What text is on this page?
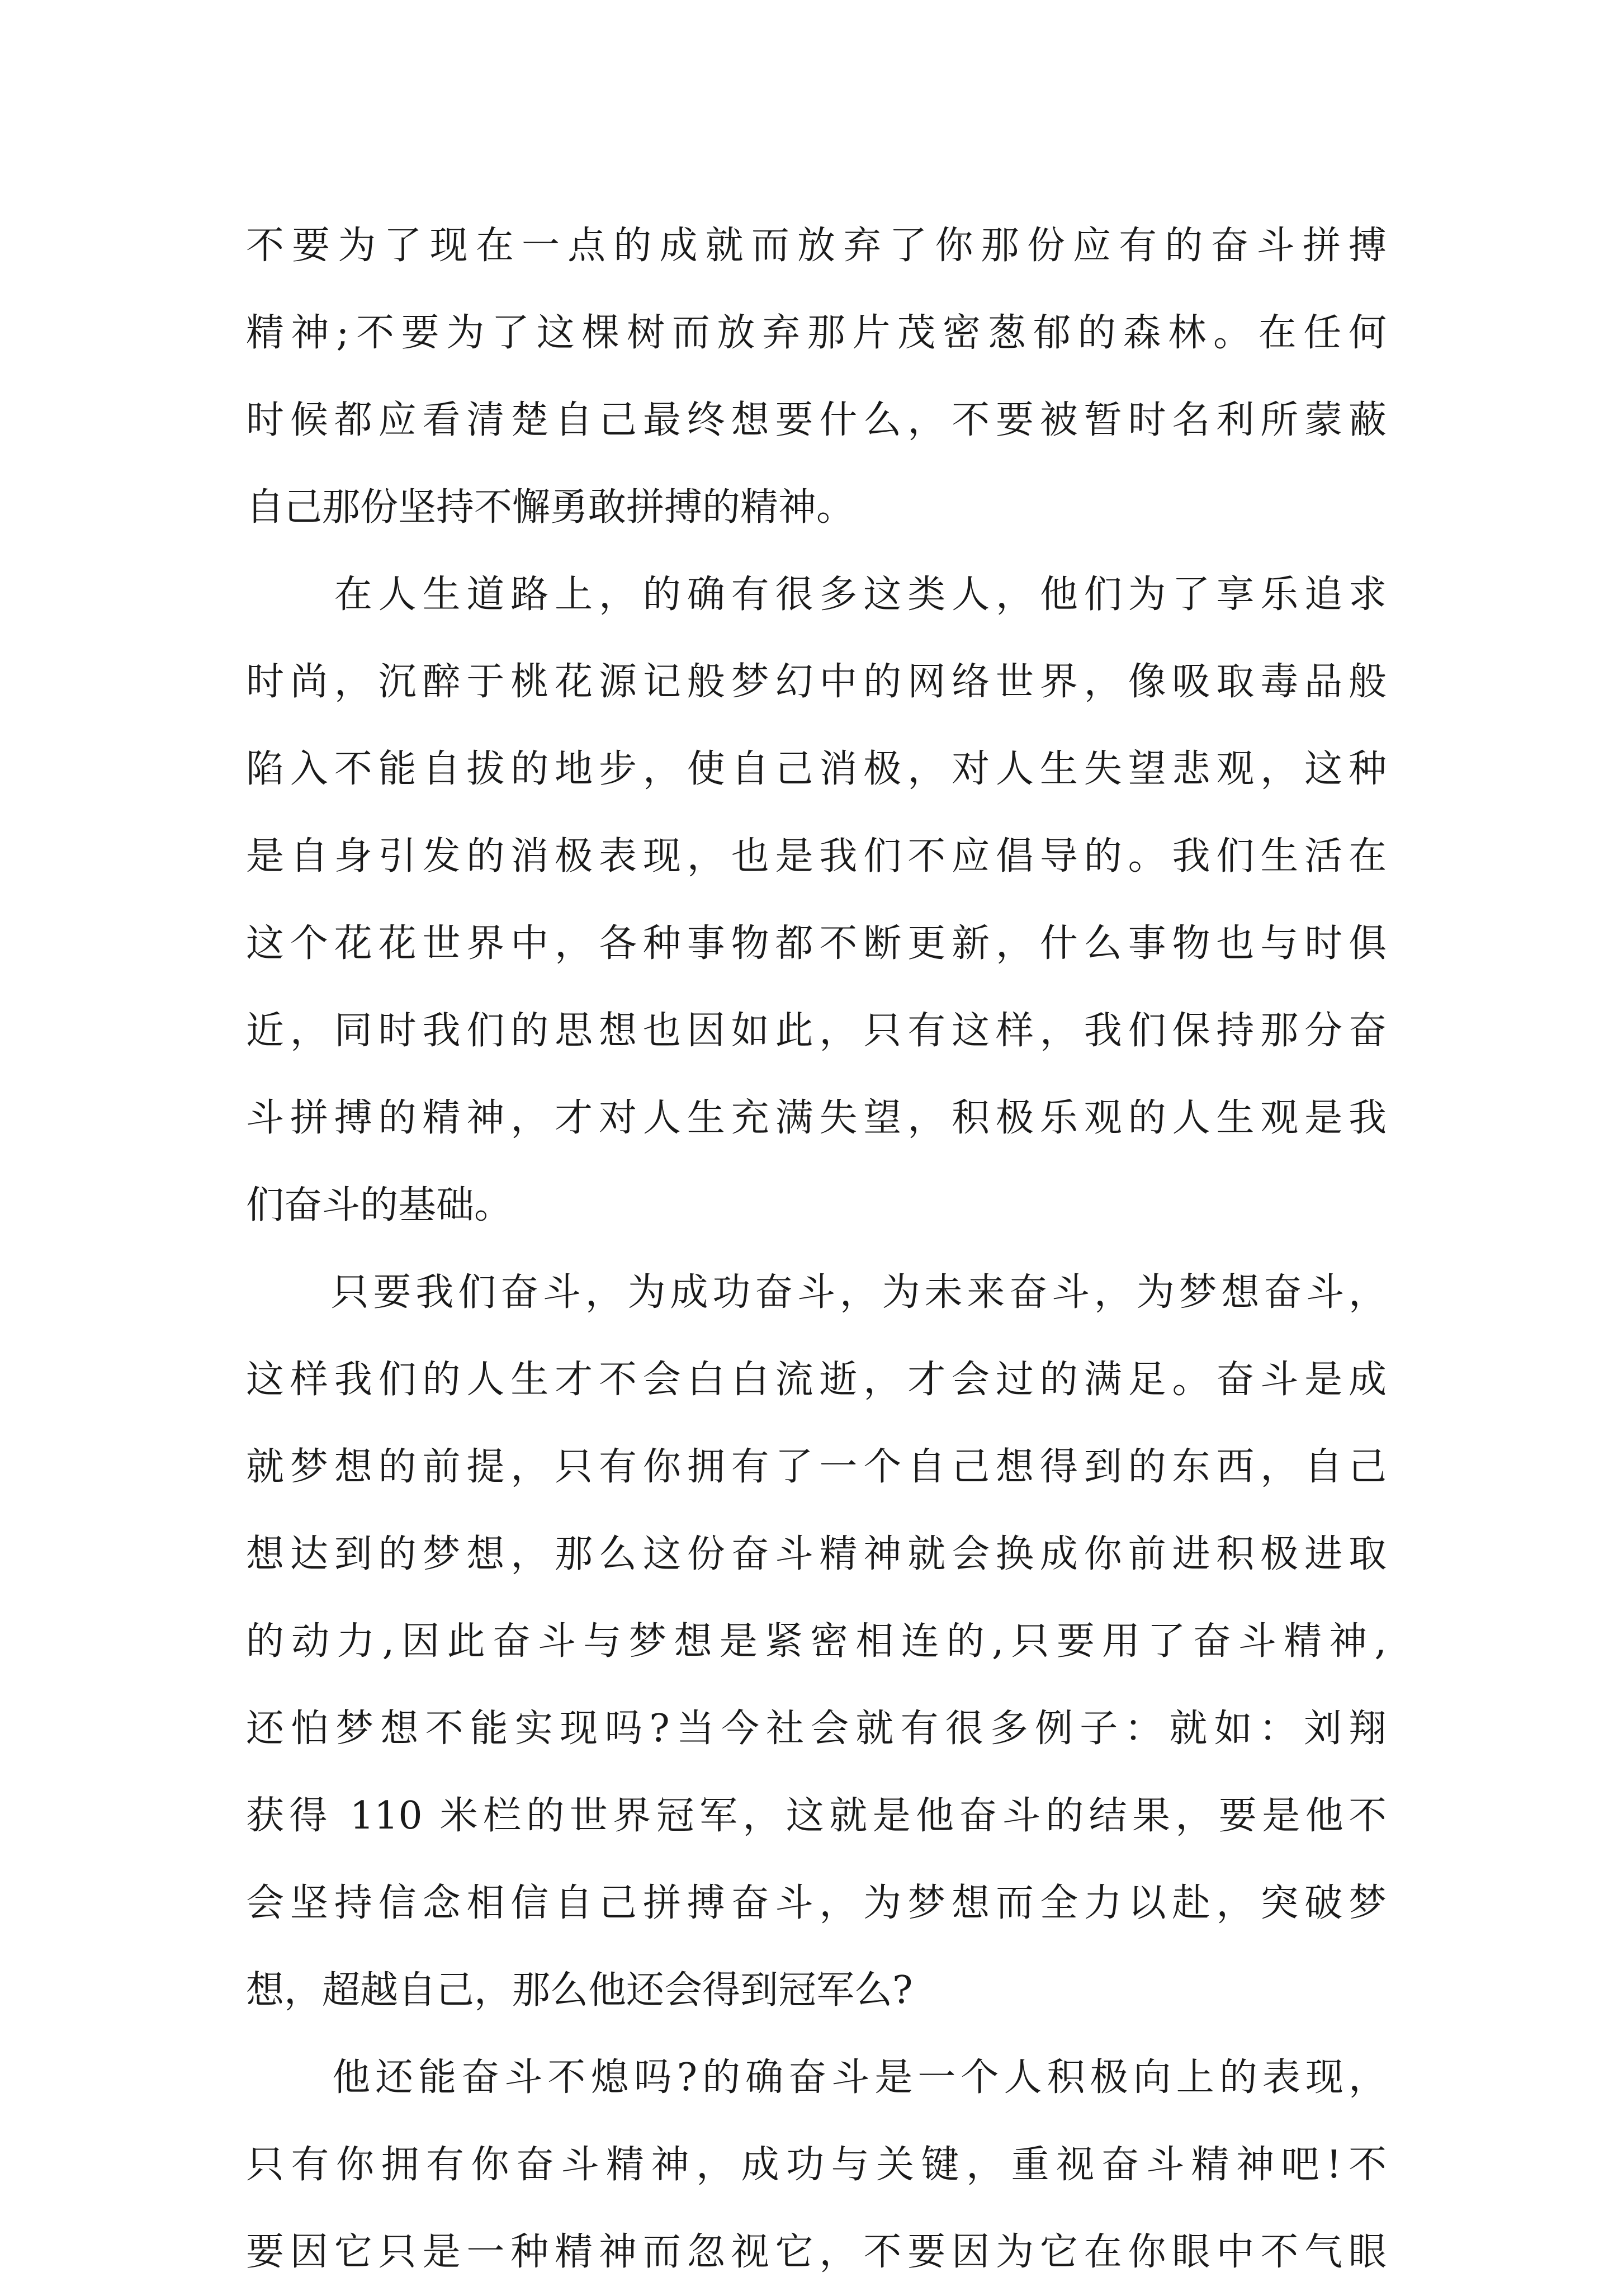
不要为了现在一点的成就而放弃了你那份应有的奋斗拼搏
精神;不要为了这棵树而放弃那片茂密葱郁的森林。在任何
时候都应看清楚自己最终想要什么，不要被暂时名利所蒙蔽
自己那份坚持不懈勇敢拼搏的精神。
　　在人生道路上，的确有很多这类人，他们为了享乐追求
时尚，沉醉于桃花源记般梦幻中的网络世界，像吸取毒品般
陷入不能自拔的地步，使自己消极，对人生失望悲观，这种
是自身引发的消极表现，也是我们不应倡导的。我们生活在
这个花花世界中，各种事物都不断更新，什么事物也与时俱
近，同时我们的思想也因如此，只有这样，我们保持那分奋
斗拼搏的精神，才对人生充满失望，积极乐观的人生观是我
们奋斗的基础。
　　只要我们奋斗，为成功奋斗，为未来奋斗，为梦想奋斗，
这样我们的人生才不会白白流逝，才会过的满足。奋斗是成
就梦想的前提，只有你拥有了一个自己想得到的东西，自己
想达到的梦想，那么这份奋斗精神就会换成你前进积极进取
的动力,因此奋斗与梦想是紧密相连的,只要用了奋斗精神,
还怕梦想不能实现吗?当今社会就有很多例子：就如：刘翔
获得 110 米栏的世界冠军，这就是他奋斗的结果，要是他不
会坚持信念相信自己拼搏奋斗，为梦想而全力以赴，突破梦
想，超越自己，那么他还会得到冠军么?
　　他还能奋斗不熄吗?的确奋斗是一个人积极向上的表现，
只有你拥有你奋斗精神，成功与关键，重视奋斗精神吧!不
要因它只是一种精神而忽视它，不要因为它在你眼中不气眼
